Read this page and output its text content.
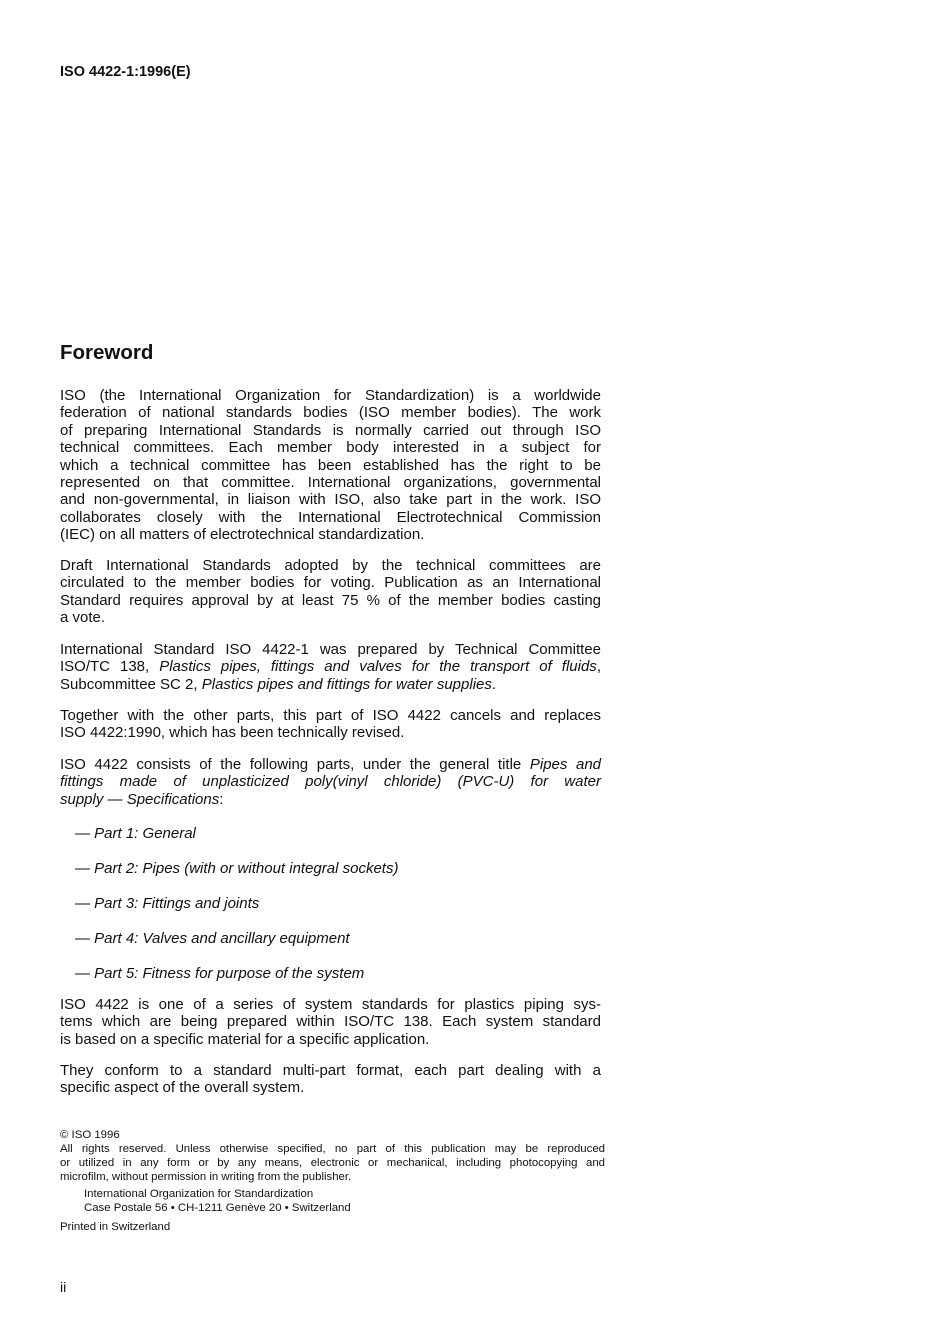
ISO 4422-1:1996(E)
Foreword
ISO (the International Organization for Standardization) is a worldwide
federation of national standards bodies (ISO member bodies). The work
of preparing International Standards is normally carried out through ISO
technical committees. Each member body interested in a subject for
which a technical committee has been established has the right to be
represented on that committee. International organizations, governmental
and non-governmental, in liaison with ISO, also take part in the work. ISO
collaborates closely with the International Electrotechnical Commission
(IEC) on all matters of electrotechnical standardization.
Draft International Standards adopted by the technical committees are
circulated to the member bodies for voting. Publication as an International
Standard requires approval by at least 75 % of the member bodies casting
a vote.
International Standard ISO 4422-1 was prepared by Technical Committee
ISO/TC 138, Plastics pipes, fittings and valves for the transport of fluids,
Subcommittee SC 2, Plastics pipes and fittings for water supplies.
Together with the other parts, this part of ISO 4422 cancels and replaces
ISO 4422:1990, which has been technically revised.
ISO 4422 consists of the following parts, under the general title Pipes and
fittings made of unplasticized poly(vinyl chloride) (PVC-U) for water
supply — Specifications:
ISO 4422 is one of a series of system standards for plastics piping sys-
tems which are being prepared within ISO/TC 138. Each system standard
is based on a specific material for a specific application.
They conform to a standard multi-part format, each part dealing with a
specific aspect of the overall system.
— Part 1: General
— Part 2: Pipes (with or without integral sockets)
— Part 3: Fittings and joints
— Part 4: Valves and ancillary equipment
— Part 5: Fitness for purpose of the system
© ISO 1996
All rights reserved. Unless otherwise specified, no part of this publication may be reproduced
or utilized in any form or by any means, electronic or mechanical, including photocopying and
microfilm, without permission in writing from the publisher.
International Organization for Standardization
Case Postale 56 • CH-1211 Genève 20 • Switzerland
Printed in Switzerland
ii
